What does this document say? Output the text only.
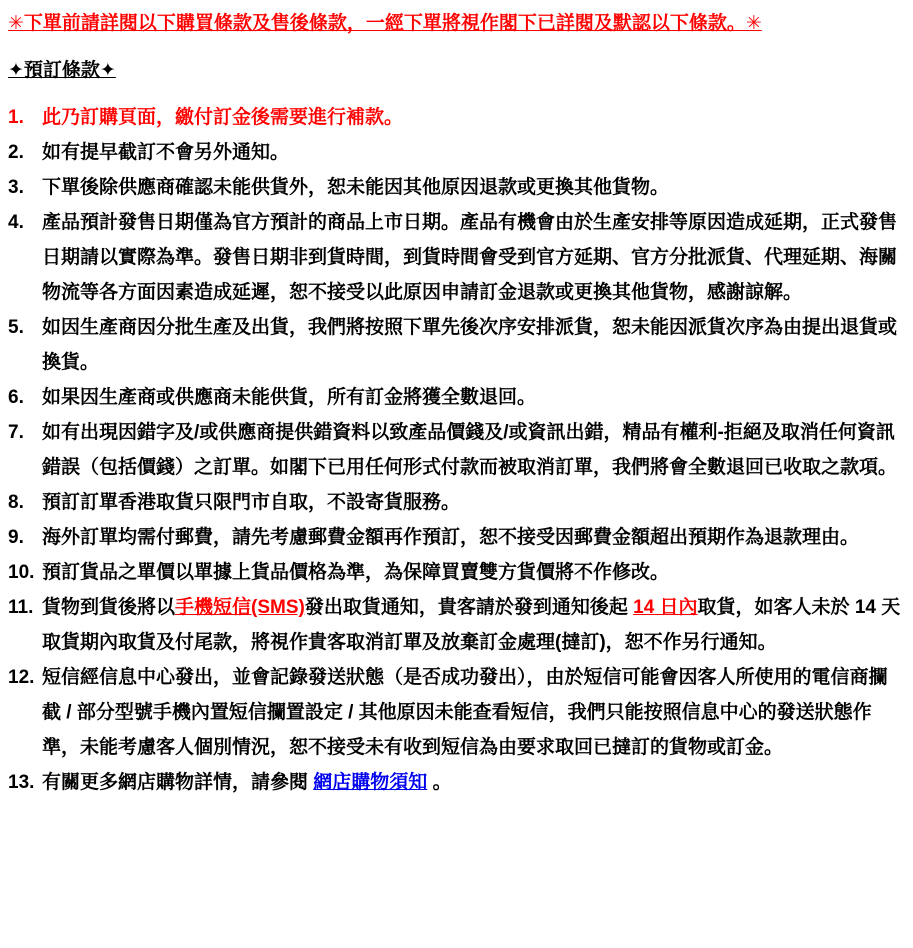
✳下單前請詳閱以下購買條款及售後條款，一經下單將視作閣下已詳閱及默認以下條款。✳
✦預訂條款✦
1. 此乃訂購頁面，繳付訂金後需要進行補款。
2. 如有提早截訂不會另外通知。
3. 下單後除供應商確認未能供貨外，恕未能因其他原因退款或更換其他貨物。
4. 產品預計發售日期僅為官方預計的商品上市日期。產品有機會由於生產安排等原因造成延期，正式發售日期請以實際為準。發售日期非到貨時間，到貨時間會受到官方延期、官方分批派貨、代理延期、海關物流等各方面因素造成延遲，恕不接受以此原因申請訂金退款或更換其他貨物，感謝諒解。
5. 如因生產商因分批生產及出貨，我們將按照下單先後次序安排派貨，恕未能因派貨次序為由提出退貨或換貨。
6. 如果因生產商或供應商未能供貨，所有訂金將獲全數退回。
7. 如有出現因錯字及/或供應商提供錯資料以致產品價錢及/或資訊出錯，精品有權利-拒絕及取消任何資訊錯誤（包括價錢）之訂單。如閣下已用任何形式付款而被取消訂單，我們將會全數退回已收取之款項。
8. 預訂訂單香港取貨只限門市自取，不設寄貨服務。
9. 海外訂單均需付郵費，請先考慮郵費金額再作預訂，恕不接受因郵費金額超出預期作為退款理由。
10. 預訂貨品之單價以單據上貨品價格為準，為保障買賣雙方貨價將不作修改。
11. 貨物到貨後將以手機短信(SMS)發出取貨通知，貴客請於發到通知後起 14 日內取貨，如客人未於 14 天取貨期內取貨及付尾款，將視作貴客取消訂單及放棄訂金處理(撻訂)，恕不作另行通知。
12. 短信經信息中心發出，並會記錄發送狀態（是否成功發出），由於短信可能會因客人所使用的電信商攔截 / 部分型號手機內置短信攔置設定 / 其他原因未能查看短信，我們只能按照信息中心的發送狀態作準，未能考慮客人個別情況，恕不接受未有收到短信為由要求取回已撻訂的貨物或訂金。
13. 有關更多網店購物詳情，請參閱 網店購物須知 。
